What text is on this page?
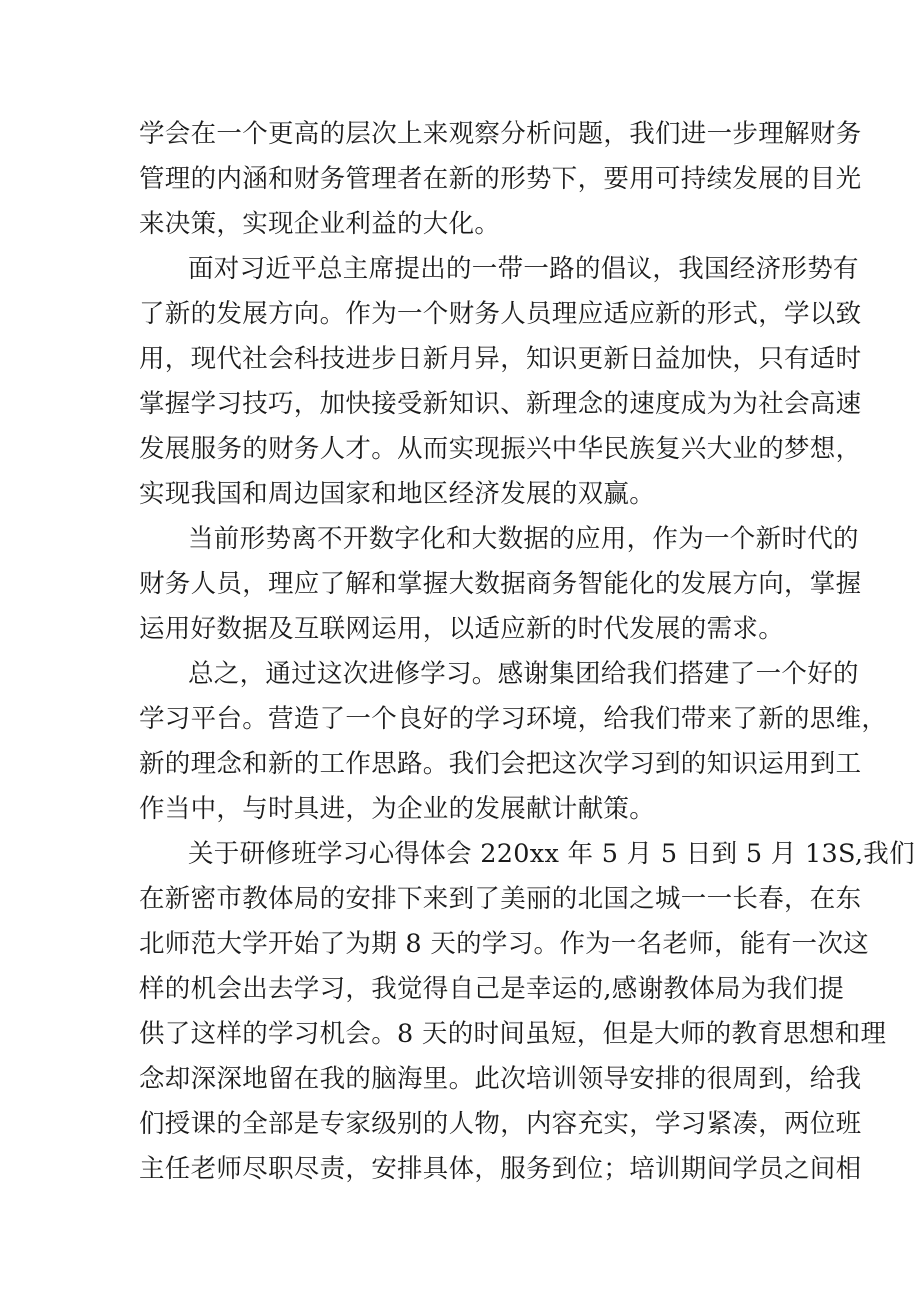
学会在一个更高的层次上来观察分析问题，我们进一步理解财务
管理的内涵和财务管理者在新的形势下，要用可持续发展的目光
来决策，实现企业利益的大化。

面对习近平总主席提出的一带一路的倡议，我国经济形势有
了新的发展方向。作为一个财务人员理应适应新的形式，学以致
用，现代社会科技进步日新月异，知识更新日益加快，只有适时
掌握学习技巧，加快接受新知识、新理念的速度成为为社会高速
发展服务的财务人才。从而实现振兴中华民族复兴大业的梦想，
实现我国和周边国家和地区经济发展的双赢。

当前形势离不开数字化和大数据的应用，作为一个新时代的
财务人员，理应了解和掌握大数据商务智能化的发展方向，掌握
运用好数据及互联网运用，以适应新的时代发展的需求。

总之，通过这次进修学习。感谢集团给我们搭建了一个好的
学习平台。营造了一个良好的学习环境，给我们带来了新的思维，
新的理念和新的工作思路。我们会把这次学习到的知识运用到工
作当中，与时具进，为企业的发展献计献策。

关于研修班学习心得体会 220xx 年 5 月 5 日到 5 月 13S,我们
在新密市教体局的安排下来到了美丽的北国之城一一长春，在东
北师范大学开始了为期 8 天的学习。作为一名老师，能有一次这
样的机会出去学习，我觉得自己是幸运的,感谢教体局为我们提
供了这样的学习机会。8 天的时间虽短，但是大师的教育思想和理
念却深深地留在我的脑海里。此次培训领导安排的很周到，给我
们授课的全部是专家级别的人物，内容充实，学习紧凑，两位班
主任老师尽职尽责，安排具体，服务到位；培训期间学员之间相
